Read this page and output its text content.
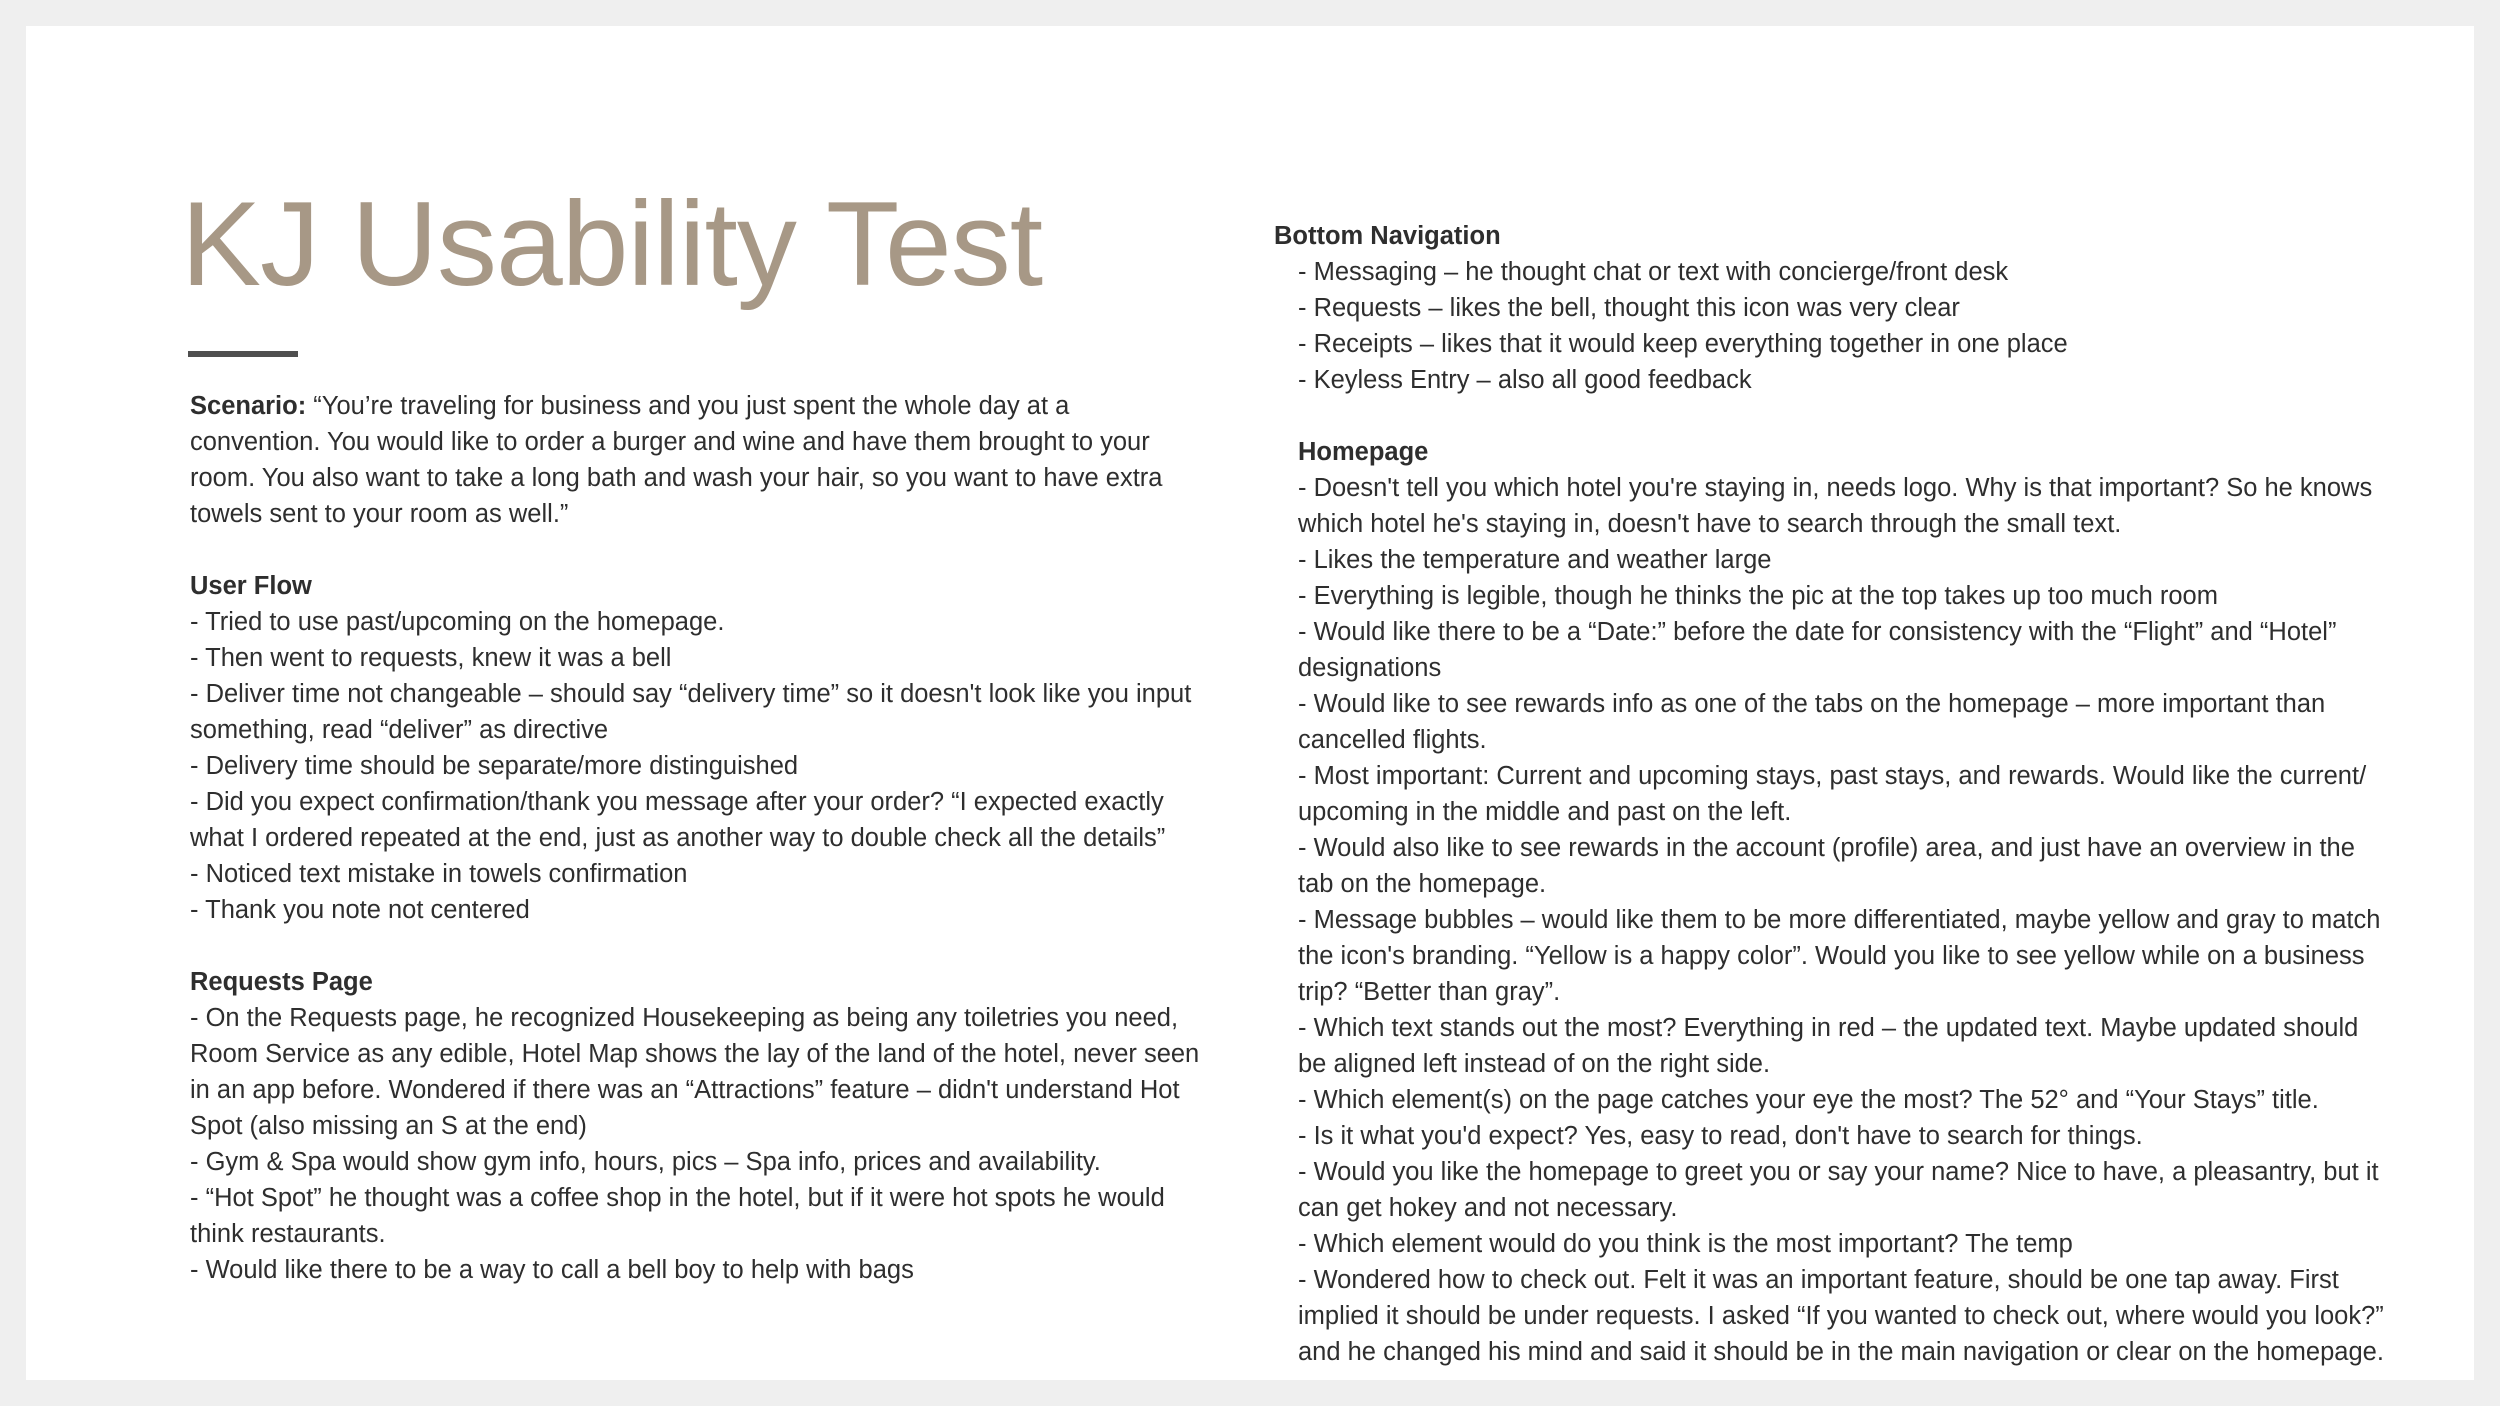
KJ Usability Test

Scenario: “You’re traveling for business and you just spent the whole day at a convention. You would like to order a burger and wine and have them brought to your room. You also want to take a long bath and wash your hair, so you want to have extra towels sent to your room as well.”

User Flow

- Tried to use past/upcoming on the homepage.

- Then went to requests, knew it was a bell

- Deliver time not changeable – should say “delivery time” so it doesn't look like you input something, read “deliver” as directive

- Delivery time should be separate/more distinguished

- Did you expect confirmation/thank you message after your order? “I expected exactly what I ordered repeated at the end, just as another way to double check all the details”

- Noticed text mistake in towels confirmation

- Thank you note not centered

Requests Page

- On the Requests page, he recognized Housekeeping as being any toiletries you need, Room Service as any edible, Hotel Map shows the lay of the land of the hotel, never seen in an app before. Wondered if there was an “Attractions” feature – didn't understand Hot Spot (also missing an S at the end)

- Gym & Spa would show gym info, hours, pics – Spa info, prices and availability.

- “Hot Spot” he thought was a coffee shop in the hotel, but if it were hot spots he would think restaurants.

- Would like there to be a way to call a bell boy to help with bags

Bottom Navigation

- Messaging – he thought chat or text with concierge/front desk

- Requests – likes the bell, thought this icon was very clear

- Receipts – likes that it would keep everything together in one place

- Keyless Entry – also all good feedback

Homepage

- Doesn't tell you which hotel you're staying in, needs logo. Why is that important? So he knows which hotel he's staying in, doesn't have to search through the small text.

- Likes the temperature and weather large

- Everything is legible, though he thinks the pic at the top takes up too much room

- Would like there to be a “Date:” before the date for consistency with the “Flight” and “Hotel” designations

- Would like to see rewards info as one of the tabs on the homepage – more important than cancelled flights.

- Most important: Current and upcoming stays, past stays, and rewards. Would like the current/ upcoming in the middle and past on the left.

- Would also like to see rewards in the account (profile) area, and just have an overview in the tab on the homepage.

- Message bubbles – would like them to be more differentiated, maybe yellow and gray to match the icon's branding. “Yellow is a happy color”. Would you like to see yellow while on a business trip? “Better than gray”.

- Which text stands out the most? Everything in red – the updated text. Maybe updated should be aligned left instead of on the right side.

- Which element(s) on the page catches your eye the most? The 52° and “Your Stays” title.

- Is it what you'd expect? Yes, easy to read, don't have to search for things.

- Would you like the homepage to greet you or say your name? Nice to have, a pleasantry, but it can get hokey and not necessary.

- Which element would do you think is the most important? The temp

- Wondered how to check out. Felt it was an important feature, should be one tap away. First implied it should be under requests. I asked “If you wanted to check out, where would you look?” and he changed his mind and said it should be in the main navigation or clear on the homepage.
